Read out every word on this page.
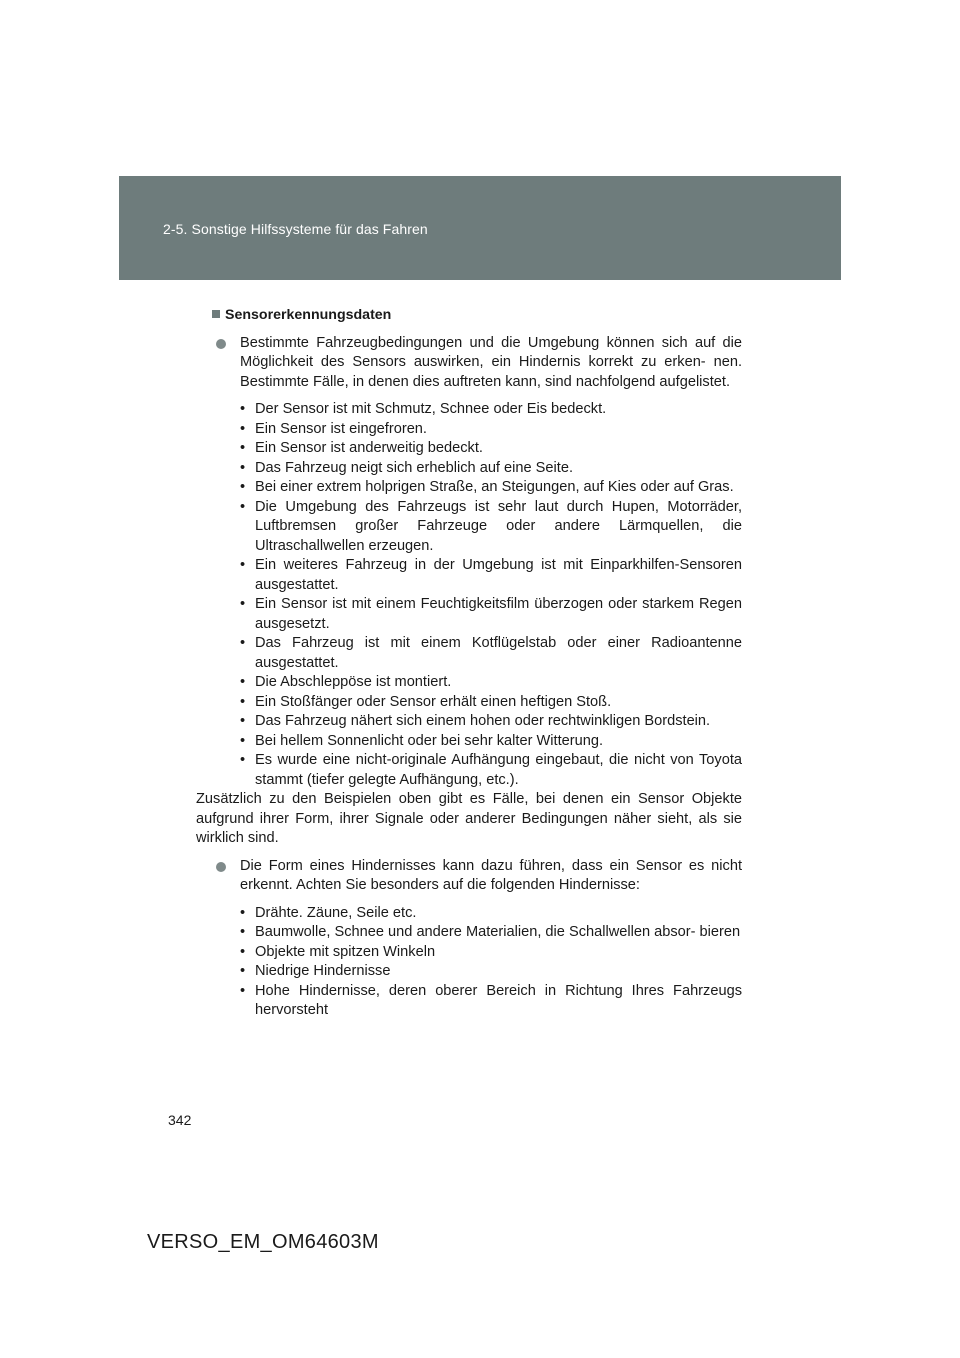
2-5. Sonstige Hilfssysteme für das Fahren
Sensorerkennungsdaten
Bestimmte Fahrzeugbedingungen und die Umgebung können sich auf die Möglichkeit des Sensors auswirken, ein Hindernis korrekt zu erken- nen. Bestimmte Fälle, in denen dies auftreten kann, sind nachfolgend aufgelistet.
• Der Sensor ist mit Schmutz, Schnee oder Eis bedeckt.
• Ein Sensor ist eingefroren.
• Ein Sensor ist anderweitig bedeckt.
• Das Fahrzeug neigt sich erheblich auf eine Seite.
• Bei einer extrem holprigen Straße, an Steigungen, auf Kies oder auf Gras.
• Die Umgebung des Fahrzeugs ist sehr laut durch Hupen, Motorräder, Luftbremsen großer Fahrzeuge oder andere Lärmquellen, die Ultraschallwellen erzeugen.
• Ein weiteres Fahrzeug in der Umgebung ist mit Einparkhilfen-Sensoren ausgestattet.
• Ein Sensor ist mit einem Feuchtigkeitsfilm überzogen oder starkem Regen ausgesetzt.
• Das Fahrzeug ist mit einem Kotflügelstab oder einer Radioantenne ausgestattet.
• Die Abschleppöse ist montiert.
• Ein Stoßfänger oder Sensor erhält einen heftigen Stoß.
• Das Fahrzeug nähert sich einem hohen oder rechtwinkligen Bordstein.
• Bei hellem Sonnenlicht oder bei sehr kalter Witterung.
• Es wurde eine nicht-originale Aufhängung eingebaut, die nicht von Toyota stammt (tiefer gelegte Aufhängung, etc.).

Zusätzlich zu den Beispielen oben gibt es Fälle, bei denen ein Sensor Objekte aufgrund ihrer Form, ihrer Signale oder anderer Bedingungen näher sieht, als sie wirklich sind.

Die Form eines Hindernisses kann dazu führen, dass ein Sensor es nicht erkennt. Achten Sie besonders auf die folgenden Hindernisse:
• Drähte. Zäune, Seile etc.
• Baumwolle, Schnee und andere Materialien, die Schallwellen absor- bieren
• Objekte mit spitzen Winkeln
• Niedrige Hindernisse
• Hohe Hindernisse, deren oberer Bereich in Richtung Ihres Fahrzeugs hervorsteht
342
VERSO_EM_OM64603M
